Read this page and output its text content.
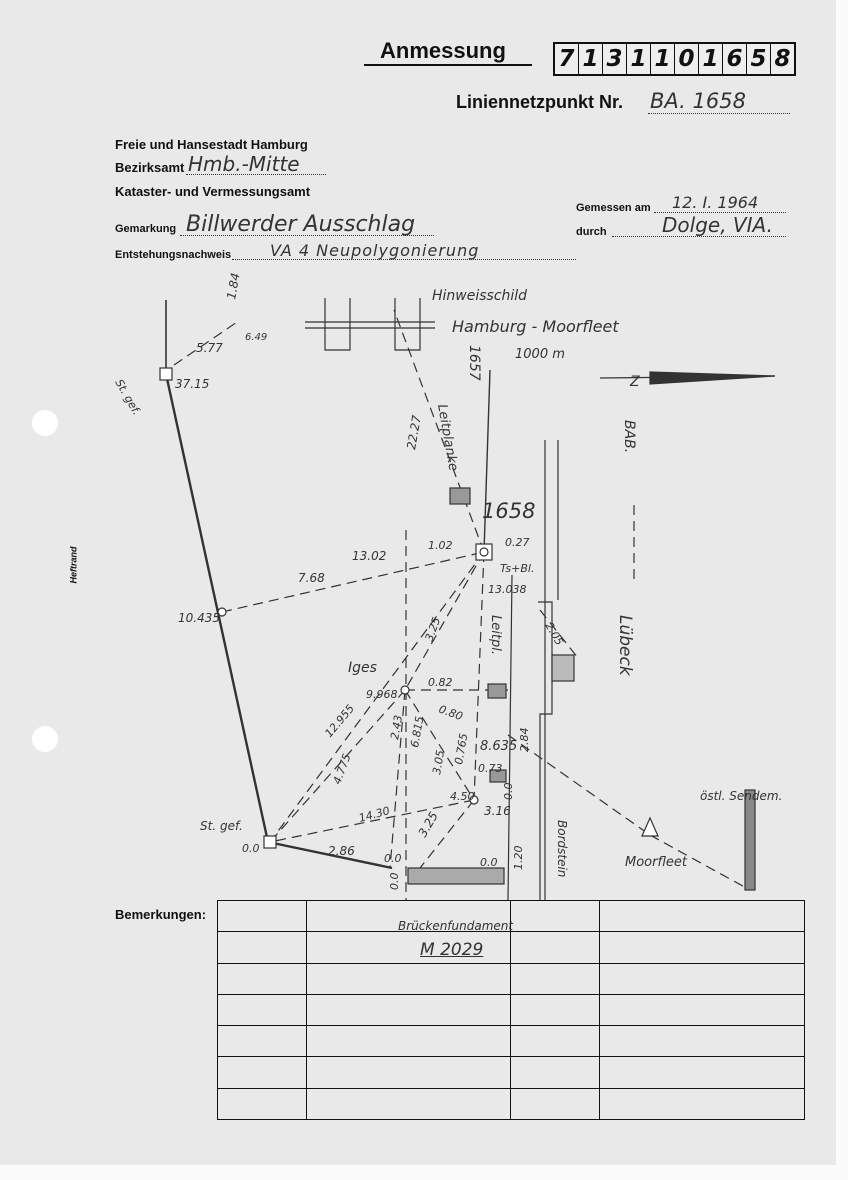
Anmessung 7 1 3 1 1 0 1 6 5 8
Liniennetzpunkt Nr. BA. 1658
Freie und Hansestadt Hamburg
Bezirksamt Hmb.-Mitte
Kataster- und Vermessungsamt
Gemarkung Billwerder Ausschlag
Entstehungsnachweis VA 4 Neupolygonierung
Gemessen am 12. I. 1964
durch	Dolge, VIA.
Heftrand
Hinweisschild
Hamburg - Moorfleet
1000 m
Z
BAB.
Lübeck
1658
Ts+Bl.
1657
Leitplanke
Leitpl.
Bordstein
St. gef.
St. gef.
Brückenfundament
östl. Sendem.
Moorfleet
Iges
5.77
1.84
6.49
37.15
22.27
13.02
1.02	0.27
7.68
10.435
13.038
2.05
3.25
9.968
12.955
0.82
0.80
2.43 6.815
4.775
4.50
8.635
3.05	0.73
0.765	2.84
3.25	3.16
2.86
0.0
0.0
14.30
0.0
0.0 1.20
0.0
Bemerkungen:

M 2029
